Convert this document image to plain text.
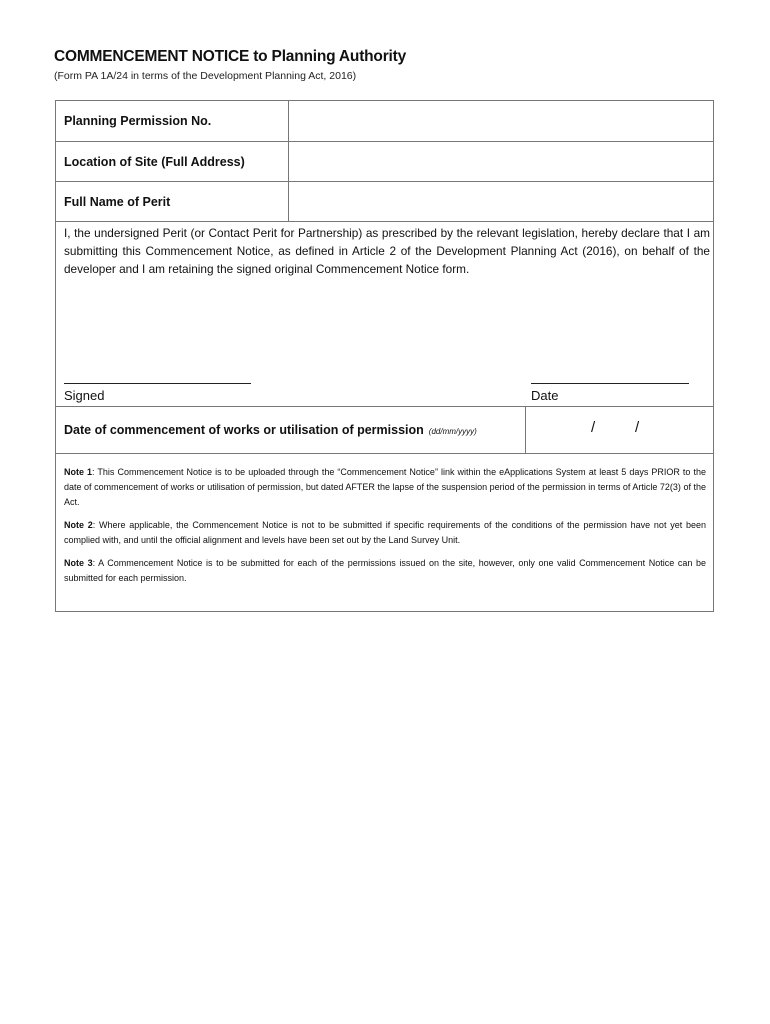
COMMENCEMENT NOTICE to Planning Authority
(Form PA 1A/24 in terms of the Development Planning Act, 2016)
Planning Permission No.
Location of Site (Full Address)
Full Name of Perit
I, the undersigned Perit (or Contact Perit for Partnership) as prescribed by the relevant legislation, hereby declare that I am submitting this Commencement Notice, as defined in Article 2 of the Development Planning Act (2016), on behalf of the developer and I am retaining the signed original Commencement Notice form.
Signed	Date
Date of commencement of works or utilisation of permission (dd/mm/yyyy)	/	/

Note 1: This Commencement Notice is to be uploaded through the “Commencement Notice” link within the eApplications System at least 5 days PRIOR to the date of commencement of works or utilisation of permission, but dated AFTER the lapse of the suspension period of the permission in terms of Article 72(3) of the Act.

Note 2: Where applicable, the Commencement Notice is not to be submitted if specific requirements of the conditions of the permission have not yet been complied with, and until the official alignment and levels have been set out by the Land Survey Unit.

Note 3: A Commencement Notice is to be submitted for each of the permissions issued on the site, however, only one valid Commencement Notice can be submitted for each permission.
